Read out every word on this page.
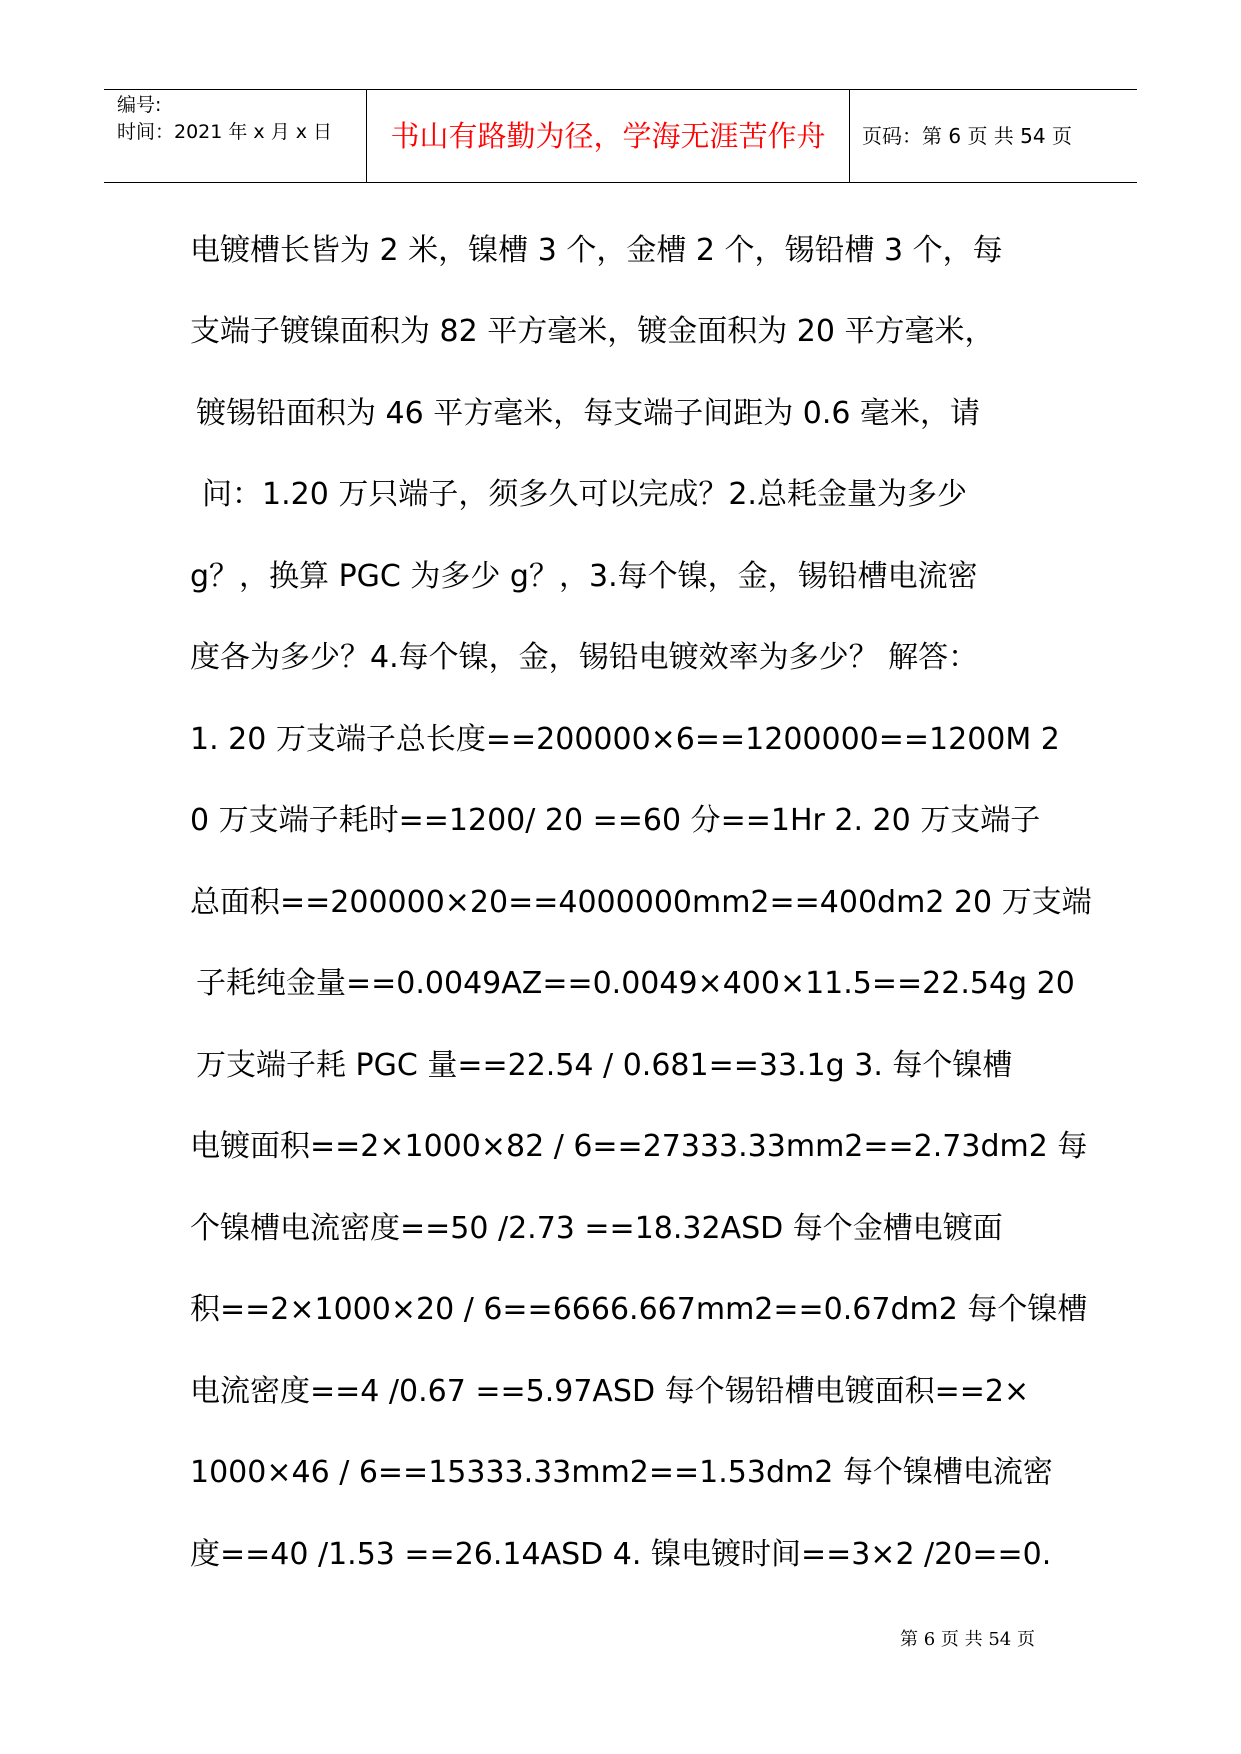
编号:
时间：2021 年 x 月 x 日	书山有路勤为径，学海无涯苦作舟	页码：第 6 页 共 54 页
电镀槽长皆为 2 米，镍槽 3 个，金槽 2 个，锡铅槽 3 个，每
支端子镀镍面积为 82 平方毫米，镀金面积为 20 平方毫米，
镀锡铅面积为 46 平方毫米，每支端子间距为 0.6 毫米，请
问：1.20 万只端子，须多久可以完成？2.总耗金量为多少
g？，换算 PGC 为多少 g？，3.每个镍，金，锡铅槽电流密
度各为多少？4.每个镍，金，锡铅电镀效率为多少？ 解答：
1. 20 万支端子总长度==200000×6==1200000==1200M 2
0 万支端子耗时==1200/ 20 ==60 分==1Hr 2. 20 万支端子
总面积==200000×20==4000000mm2==400dm2 20 万支端
子耗纯金量==0.0049AZ==0.0049×400×11.5==22.54g 20
万支端子耗 PGC 量==22.54 / 0.681==33.1g 3. 每个镍槽
电镀面积==2×1000×82 / 6==27333.33mm2==2.73dm2 每
个镍槽电流密度==50 /2.73 ==18.32ASD 每个金槽电镀面
积==2×1000×20 / 6==6666.667mm2==0.67dm2 每个镍槽
电流密度==4 /0.67 ==5.97ASD 每个锡铅槽电镀面积==2×
1000×46 / 6==15333.33mm2==1.53dm2 每个镍槽电流密
度==40 /1.53 ==26.14ASD 4. 镍电镀时间==3×2 /20==0.
第 6 页 共 54 页
